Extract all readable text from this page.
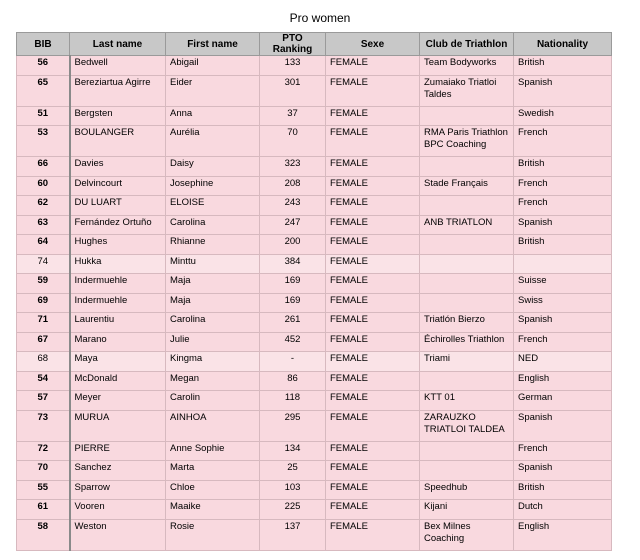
Pro women
BIB	Last name	First name	PTO Ranking	Sexe	Club de Triathlon	Nationality
56	Bedwell	Abigail	133	FEMALE	Team Bodyworks	British
65	Bereziartua Agirre	Eider	301	FEMALE	Zumaiako Triatloi Taldes	Spanish
51	Bergsten	Anna	37	FEMALE		Swedish
53	BOULANGER	Aurélia	70	FEMALE	RMA Paris Triathlon BPC Coaching	French
66	Davies	Daisy	323	FEMALE		British
60	Delvincourt	Josephine	208	FEMALE	Stade Français	French
62	DU LUART	ELOISE	243	FEMALE		French
63	Fernández Ortuño	Carolina	247	FEMALE	ANB TRIATLON	Spanish
64	Hughes	Rhianne	200	FEMALE		British
74	Hukka	Minttu	384	FEMALE		
59	Indermuehle	Maja	169	FEMALE		Suisse
69	Indermuehle	Maja	169	FEMALE		Swiss
71	Laurentiu	Carolina	261	FEMALE	Triatlón Bierzo	Spanish
67	Marano	Julie	452	FEMALE	Échirolles Triathlon	French
68	Maya	Kingma	-	FEMALE	Triami	NED
54	McDonald	Megan	86	FEMALE		English
57	Meyer	Carolin	118	FEMALE	KTT 01	German
73	MURUA	AINHOA	295	FEMALE	ZARAUZKO TRIATLOI TALDEA	Spanish
72	PIERRE	Anne Sophie	134	FEMALE		French
70	Sanchez	Marta	25	FEMALE		Spanish
55	Sparrow	Chloe	103	FEMALE	Speedhub	British
61	Vooren	Maaike	225	FEMALE	Kijani	Dutch
58	Weston	Rosie	137	FEMALE	Bex Milnes Coaching	English
